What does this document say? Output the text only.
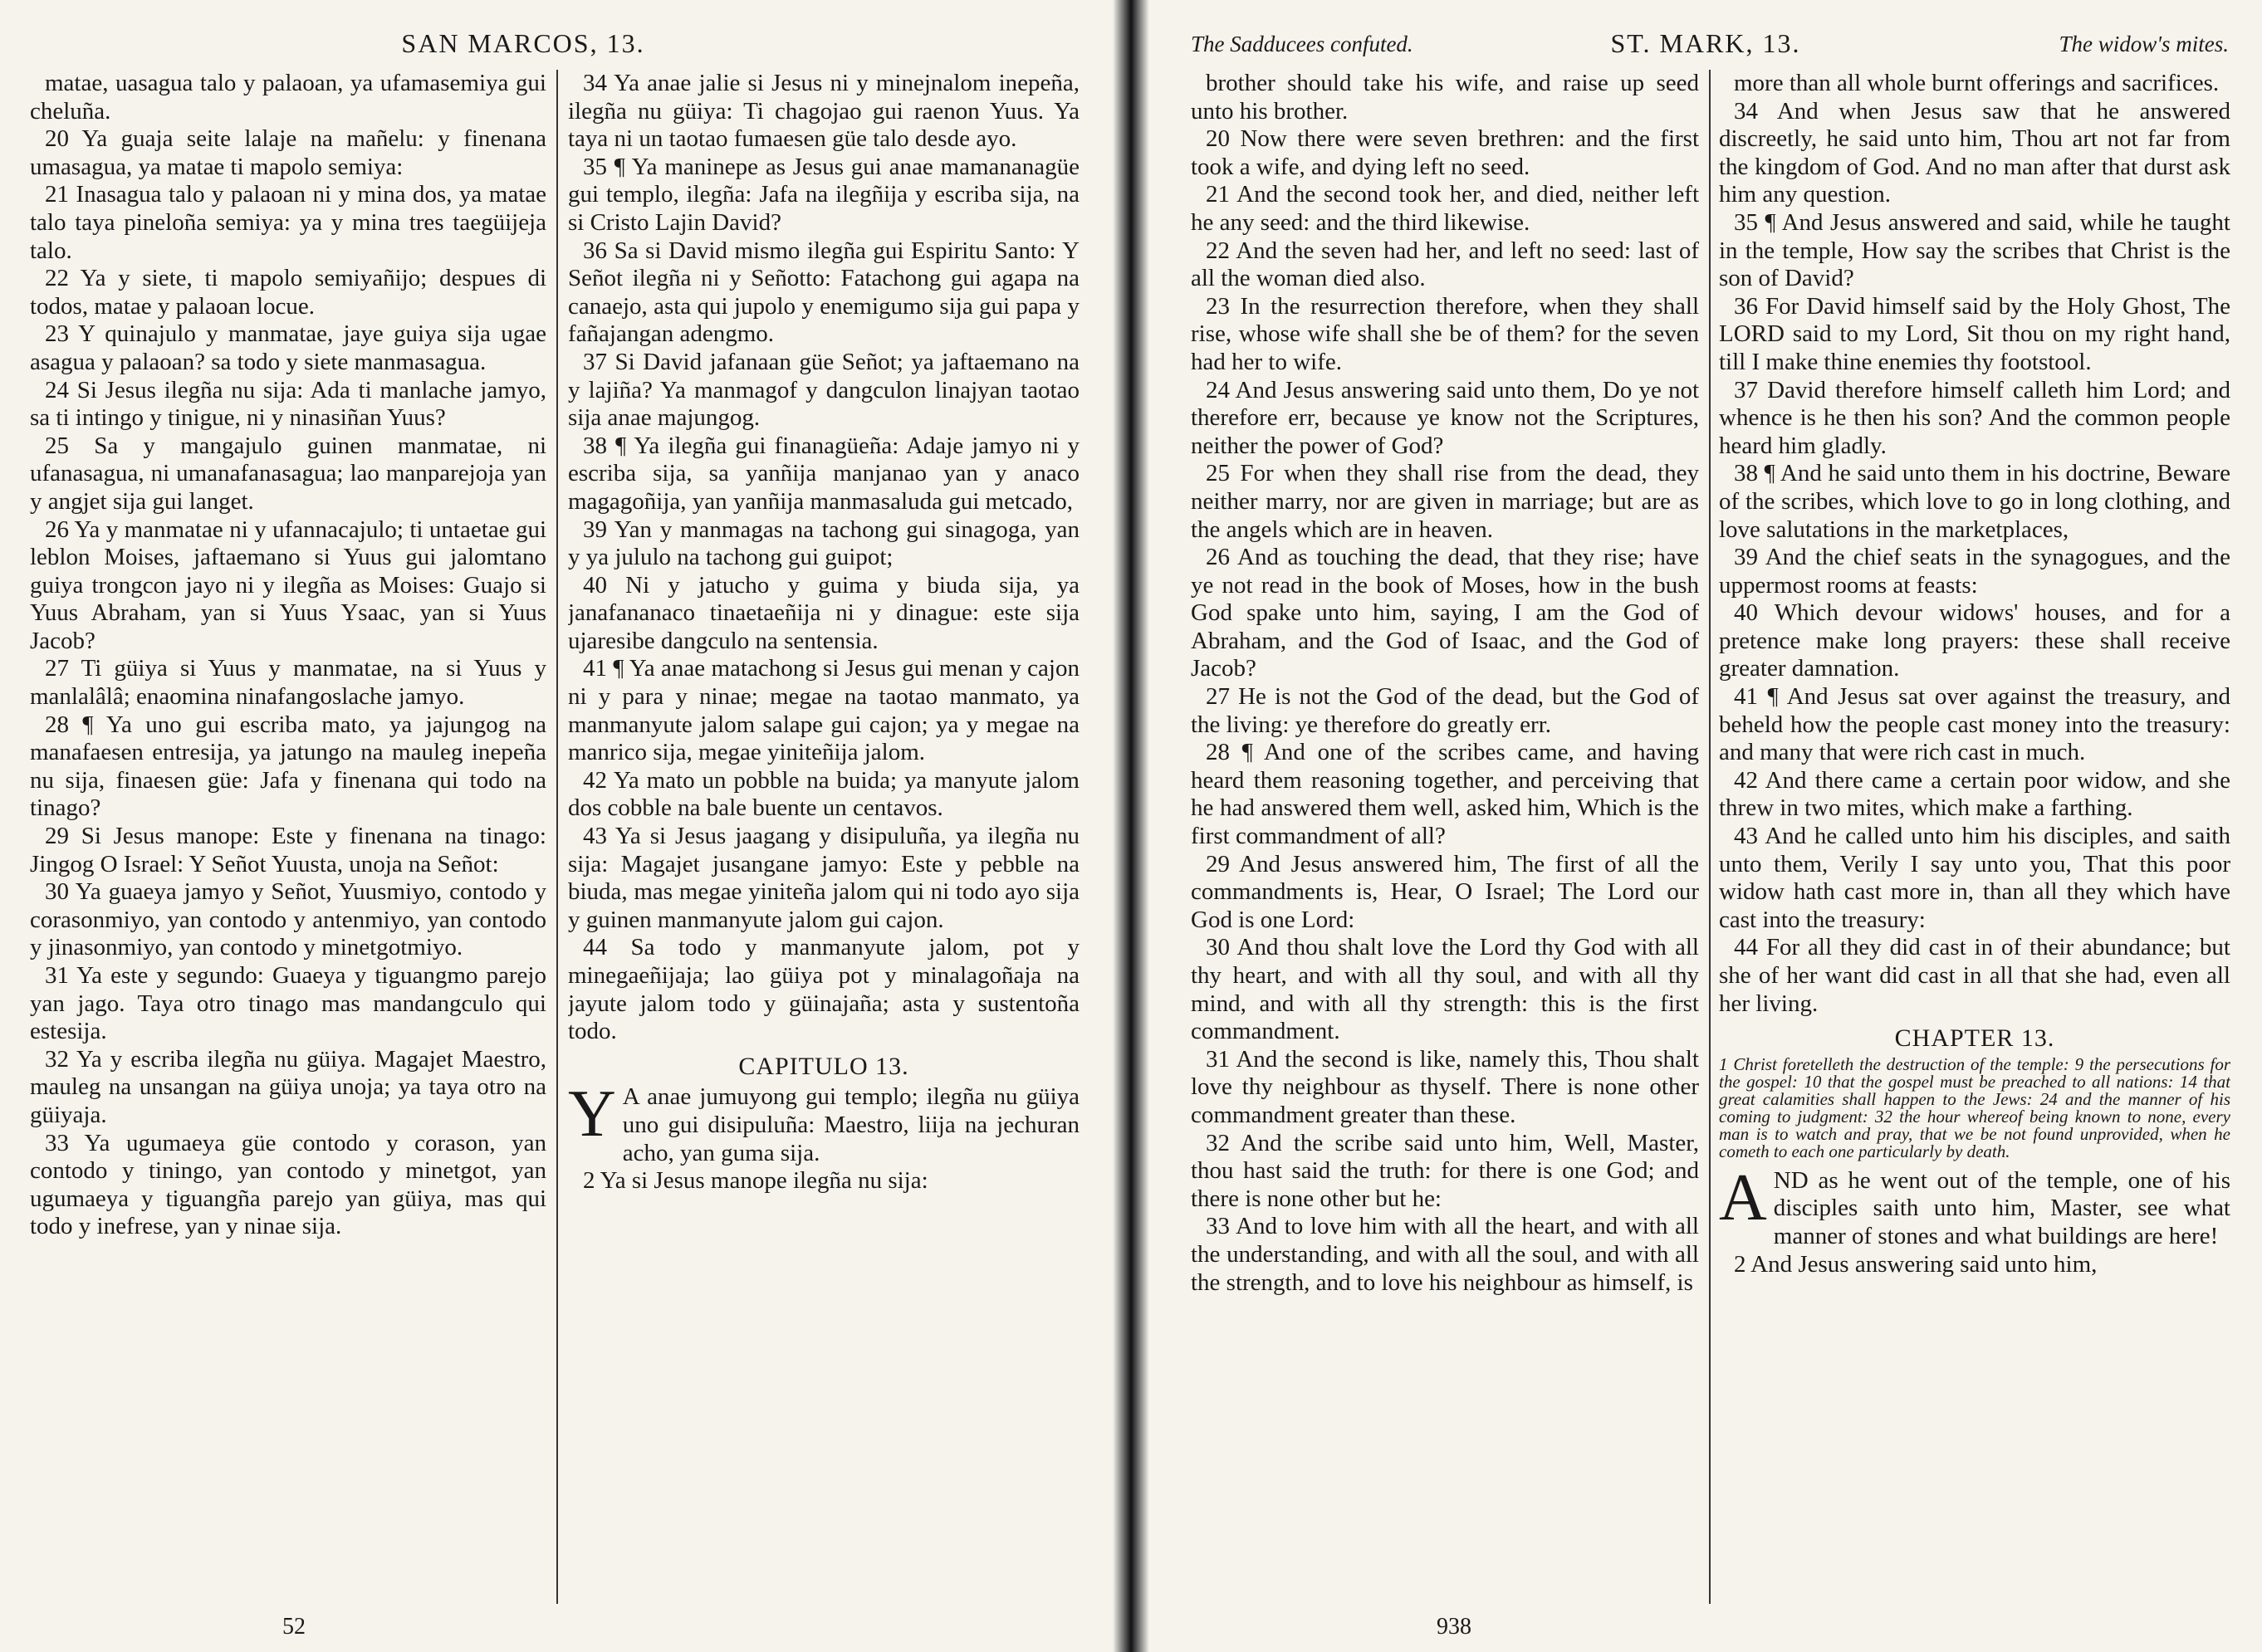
SAN MARCOS, 13.

matae, uasagua talo y palaoan, ya ufamasemiya gui cheluña.

20 Ya guaja seite lalaje na mañelu: y finenana umasagua, ya matae ti mapolo semiya:

21 Inasagua talo y palaoan ni y mina dos, ya matae talo taya pineloña semiya: ya y mina tres taegüijeja talo.

22 Ya y siete, ti mapolo semiyañijo; despues di todos, matae y palaoan locue.

23 Y quinajulo y manmatae, jaye guiya sija ugae asagua y palaoan? sa todo y siete manmasagua.

24 Si Jesus ilegña nu sija: Ada ti manlache jamyo, sa ti intingo y tinigue, ni y ninasiñan Yuus?

25 Sa y mangajulo guinen manmatae, ni ufanasagua, ni umanafanasagua; lao manparejoja yan y angjet sija gui langet.

26 Ya y manmatae ni y ufannacajulo; ti untaetae gui leblon Moises, jaftaemano si Yuus gui jalomtano guiya trongcon jayo ni y ilegña as Moises: Guajo si Yuus Abraham, yan si Yuus Ysaac, yan si Yuus Jacob?

27 Ti güiya si Yuus y manmatae, na si Yuus y manlalâlâ; enaomina ninafangoslache jamyo.

28 ¶ Ya uno gui escriba mato, ya jajungog na manafaesen entresija, ya jatungo na mauleg inepeña nu sija, finaesen güe: Jafa y finenana qui todo na tinago?

29 Si Jesus manope: Este y finenana na tinago: Jingog O Israel: Y Señot Yuusta, unoja na Señot:

30 Ya guaeya jamyo y Señot, Yuusmiyo, contodo y corasonmiyo, yan contodo y antenmiyo, yan contodo y jinasonmiyo, yan contodo y minetgotmiyo.

31 Ya este y segundo: Guaeya y tiguangmo parejo yan jago. Taya otro tinago mas mandangculo qui estesija.

32 Ya y escriba ilegña nu güiya. Magajet Maestro, mauleg na unsangan na güiya unoja; ya taya otro na güiyaja.

33 Ya ugumaeya güe contodo y corason, yan contodo y tiningo, yan contodo y minetgot, yan ugumaeya y tiguangña parejo yan güiya, mas qui todo y inefrese, yan y ninae sija.

34 Ya anae jalie si Jesus ni y minejnalom inepeña, ilegña nu güiya: Ti chagojao gui raenon Yuus. Ya taya ni un taotao fumaesen güe talo desde ayo.

35 ¶ Ya maninepe as Jesus gui anae mamananagüe gui templo, ilegña: Jafa na ilegñija y escriba sija, na si Cristo Lajin David?

36 Sa si David mismo ilegña gui Espiritu Santo: Y Señot ilegña ni y Señotto: Fatachong gui agapa na canaejo, asta qui jupolo y enemigumo sija gui papa y fañajangan adengmo.

37 Si David jafanaan güe Señot; ya jaftaemano na y lajiña? Ya manmagof y dangculon linajyan taotao sija anae majungog.

38 ¶ Ya ilegña gui finanagüeña: Adaje jamyo ni y escriba sija, sa yanñija manjanao yan y anaco magagoñija, yan yanñija manmasaluda gui metcado,

39 Yan y manmagas na tachong gui sinagoga, yan y ya jululo na tachong gui guipot;

40 Ni y jatucho y guima y biuda sija, ya janafananaco tinaetaeñija ni y dinague: este sija ujaresibe dangculo na sentensia.

41 ¶ Ya anae matachong si Jesus gui menan y cajon ni y para y ninae; megae na taotao manmato, ya manmanyute jalom salape gui cajon; ya y megae na manrico sija, megae yiniteñija jalom.

42 Ya mato un pobble na buida; ya manyute jalom dos cobble na bale buente un centavos.

43 Ya si Jesus jaagang y disipuluña, ya ilegña nu sija: Magajet jusangane jamyo: Este y pebble na biuda, mas megae yiniteña jalom qui ni todo ayo sija y guinen manmanyute jalom gui cajon.

44 Sa todo y manmanyute jalom, pot y minegaeñijaja; lao güiya pot y minalagoñaja na jayute jalom todo y güinajaña; asta y sustentoña todo.

CAPITULO 13.

Y A anae jumuyong gui templo; ilegña nu güiya uno gui disipuluña: Maestro, liija na jechuran acho, yan guma sija.

2 Ya si Jesus manope ilegña nu sija:

52
The Sadducees confuted.	ST. MARK, 13.	The widow's mites.

brother should take his wife, and raise up seed unto his brother.

20 Now there were seven brethren: and the first took a wife, and dying left no seed.

21 And the second took her, and died, neither left he any seed: and the third likewise.

22 And the seven had her, and left no seed: last of all the woman died also.

23 In the resurrection therefore, when they shall rise, whose wife shall she be of them? for the seven had her to wife.

24 And Jesus answering said unto them, Do ye not therefore err, because ye know not the Scriptures, neither the power of God?

25 For when they shall rise from the dead, they neither marry, nor are given in marriage; but are as the angels which are in heaven.

26 And as touching the dead, that they rise; have ye not read in the book of Moses, how in the bush God spake unto him, saying, I am the God of Abraham, and the God of Isaac, and the God of Jacob?

27 He is not the God of the dead, but the God of the living: ye therefore do greatly err.

28 ¶ And one of the scribes came, and having heard them reasoning together, and perceiving that he had answered them well, asked him, Which is the first commandment of all?

29 And Jesus answered him, The first of all the commandments is, Hear, O Israel; The Lord our God is one Lord:

30 And thou shalt love the Lord thy God with all thy heart, and with all thy soul, and with all thy mind, and with all thy strength: this is the first commandment.

31 And the second is like, namely this, Thou shalt love thy neighbour as thyself. There is none other commandment greater than these.

32 And the scribe said unto him, Well, Master, thou hast said the truth: for there is one God; and there is none other but he:

33 And to love him with all the heart, and with all the understanding, and with all the soul, and with all the strength, and to love his neighbour as himself, is

more than all whole burnt offerings and sacrifices.

34 And when Jesus saw that he answered discreetly, he said unto him, Thou art not far from the kingdom of God. And no man after that durst ask him any question.

35 ¶ And Jesus answered and said, while he taught in the temple, How say the scribes that Christ is the son of David?

36 For David himself said by the Holy Ghost, The LORD said to my Lord, Sit thou on my right hand, till I make thine enemies thy footstool.

37 David therefore himself calleth him Lord; and whence is he then his son? And the common people heard him gladly.

38 ¶ And he said unto them in his doctrine, Beware of the scribes, which love to go in long clothing, and love salutations in the marketplaces,

39 And the chief seats in the synagogues, and the uppermost rooms at feasts:

40 Which devour widows' houses, and for a pretence make long prayers: these shall receive greater damnation.

41 ¶ And Jesus sat over against the treasury, and beheld how the people cast money into the treasury: and many that were rich cast in much.

42 And there came a certain poor widow, and she threw in two mites, which make a farthing.

43 And he called unto him his disciples, and saith unto them, Verily I say unto you, That this poor widow hath cast more in, than all they which have cast into the treasury:

44 For all they did cast in of their abundance; but she of her want did cast in all that she had, even all her living.

CHAPTER 13.
1 Christ foretelleth the destruction of the temple: 9 the persecutions for the gospel: 10 that the gospel must be preached to all nations: 14 that great calamities shall happen to the Jews: 24 and the manner of his coming to judgment: 32 the hour whereof being known to none, every man is to watch and pray, that we be not found unprovided, when he cometh to each one particularly by death.

A ND as he went out of the temple, one of his disciples saith unto him, Master, see what manner of stones and what buildings are here!

2 And Jesus answering said unto him,

938
